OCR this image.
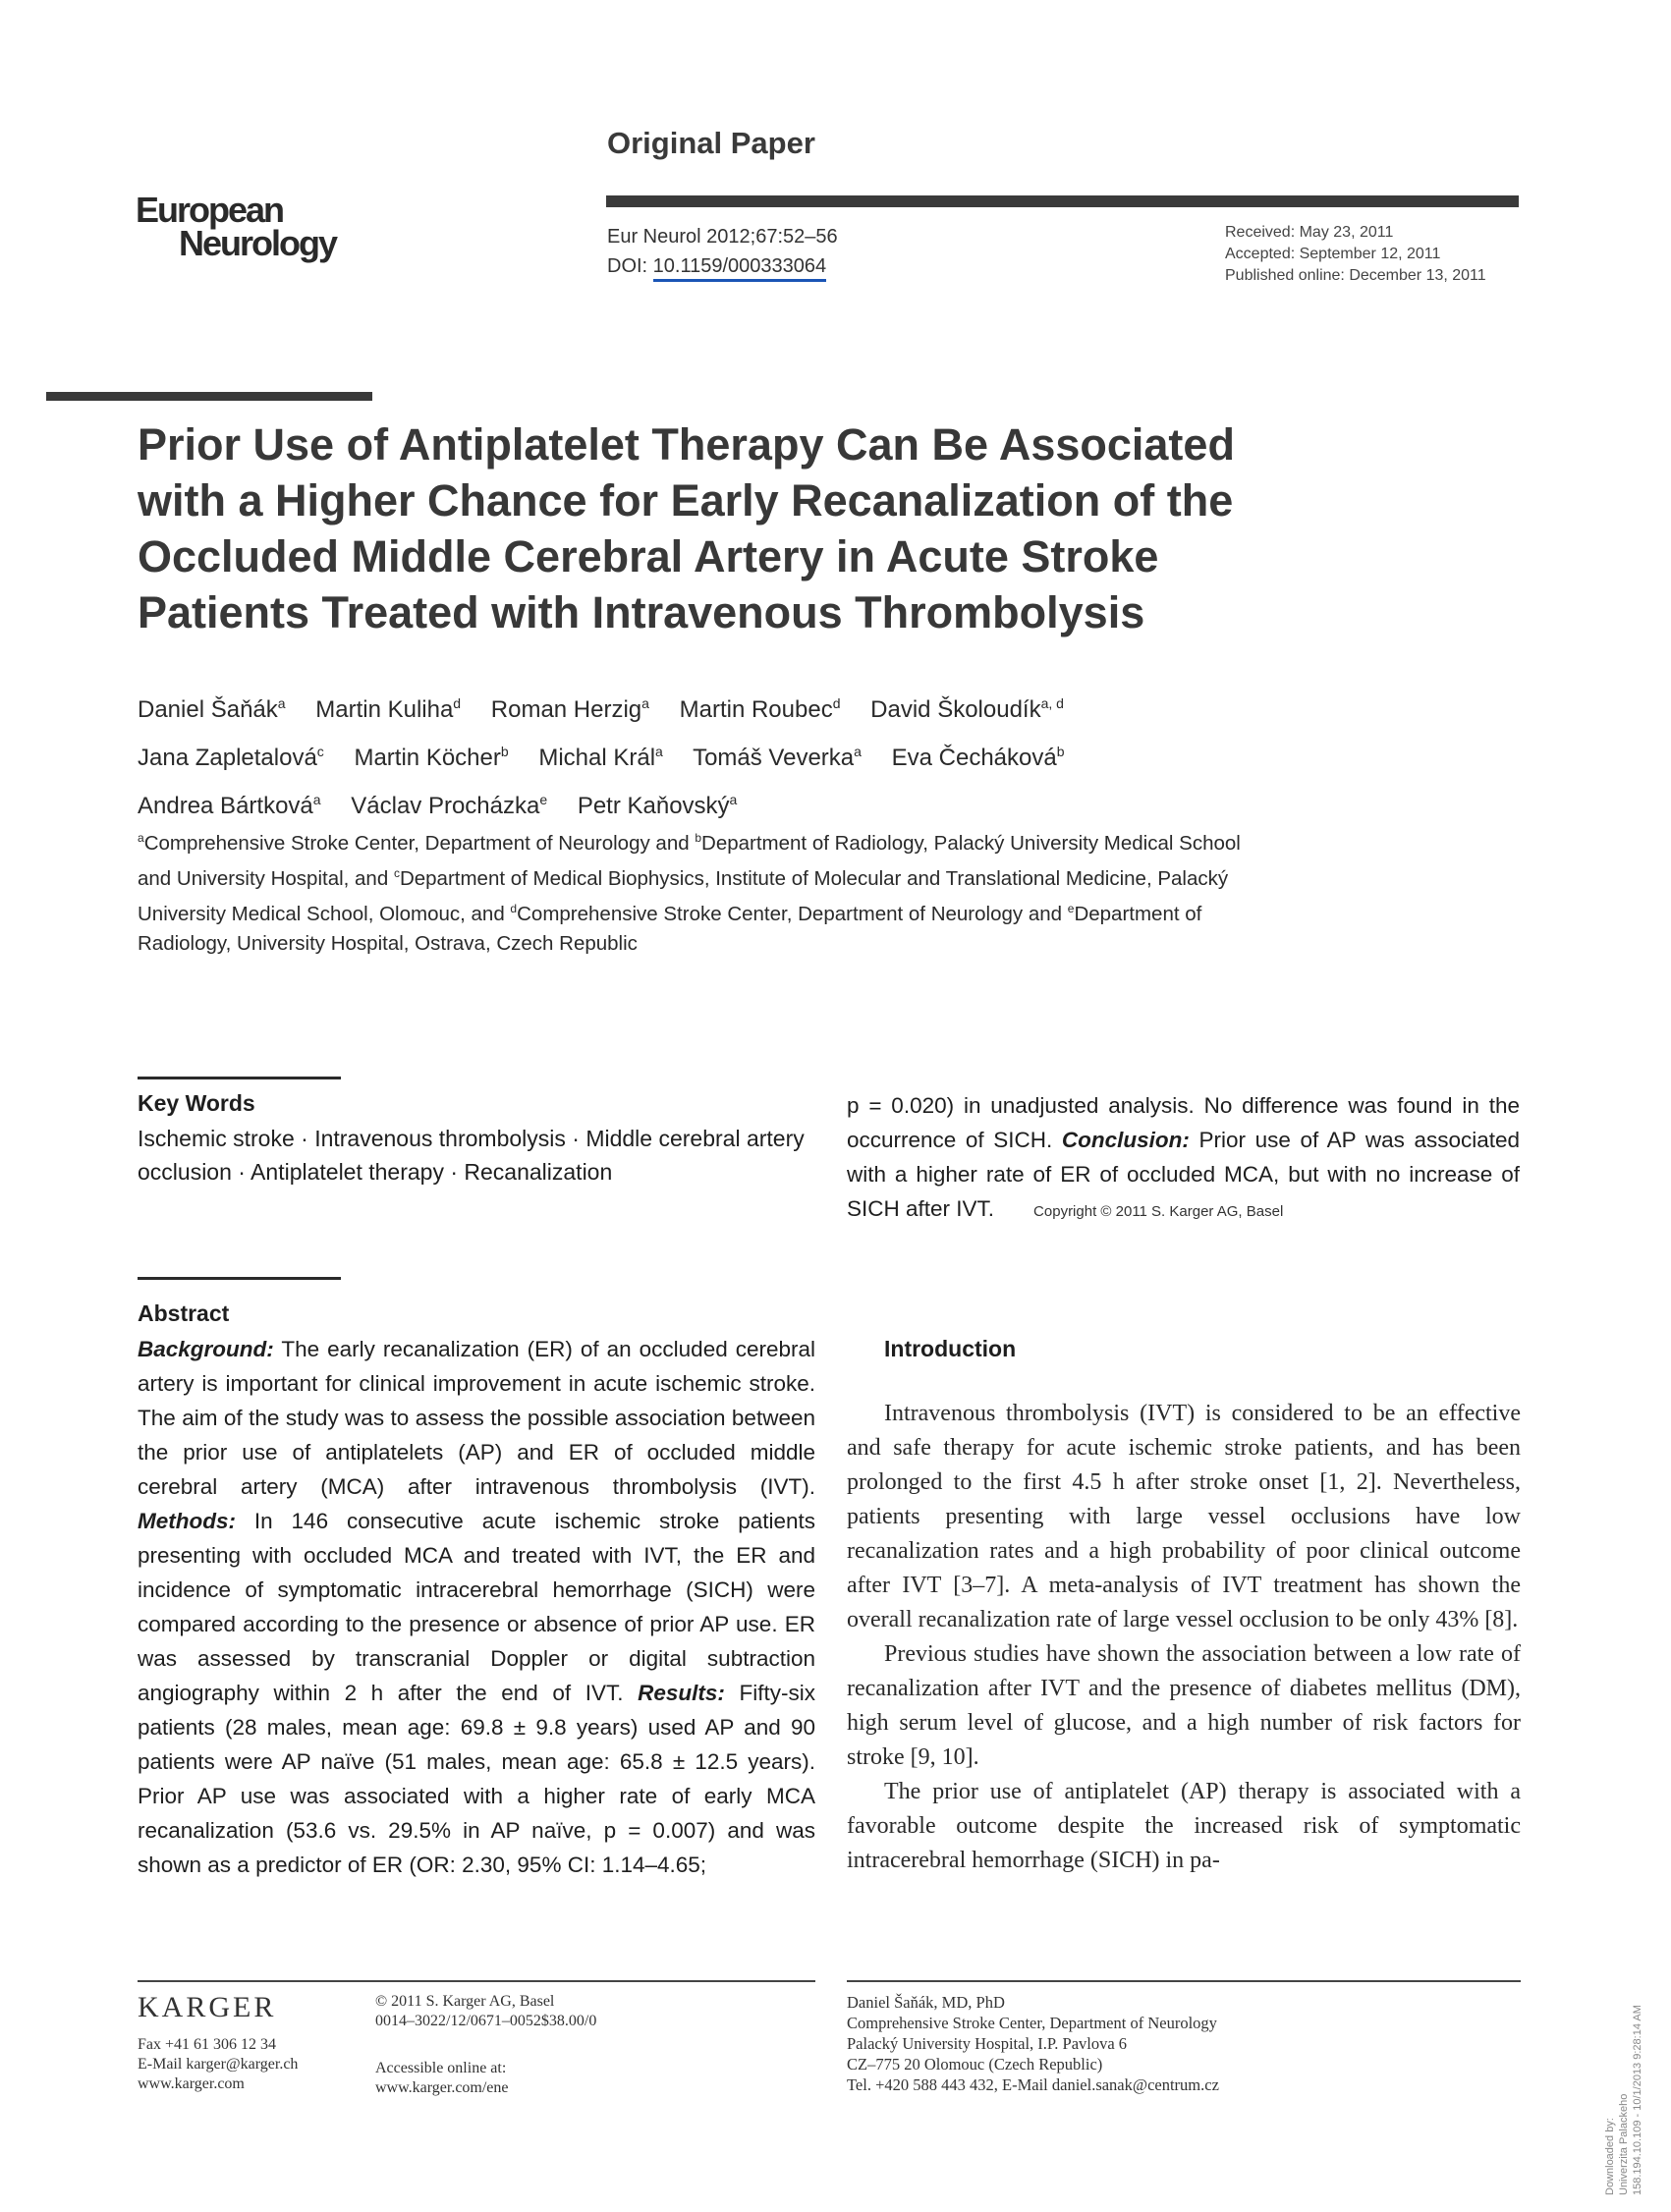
Original Paper
European
Neurology	Eur Neurol 2012;67:52–56
DOI: 10.1159/000333064
Received: May 23, 2011
Accepted: September 12, 2011
Published online: December 13, 2011
Prior Use of Antiplatelet Therapy Can Be Associated with a Higher Chance for Early Recanalization of the Occluded Middle Cerebral Artery in Acute Stroke Patients Treated with Intravenous Thrombolysis
Daniel Šaňák$^a$ Martin Kuliha$^d$ Roman Herzig$^a$ Martin Roubec$^d$ David Školoudík$^{a, d}$
Jana Zapletalová$^c$ Martin Köcher$^b$ Michal Král$^a$ Tomáš Veverka$^a$ Eva Čecháková$^b$
Andrea Bártková$^a$ Václav Procházka$^e$ Petr Kaňovský$^a$
$^a$Comprehensive Stroke Center, Department of Neurology and $^b$Department of Radiology, Palacký University Medical School and University Hospital, and $^c$Department of Medical Biophysics, Institute of Molecular and Translational Medicine, Palacký University Medical School, Olomouc, and $^d$Comprehensive Stroke Center, Department of Neurology and $^e$Department of Radiology, University Hospital, Ostrava, Czech Republic
Key Words
Ischemic stroke · Intravenous thrombolysis · Middle cerebral artery occlusion · Antiplatelet therapy · Recanalization
Abstract
Background: The early recanalization (ER) of an occluded cerebral artery is important for clinical improvement in acute ischemic stroke. The aim of the study was to assess the possible association between the prior use of antiplatelets (AP) and ER of occluded middle cerebral artery (MCA) after intravenous thrombolysis (IVT). Methods: In 146 consecutive acute ischemic stroke patients presenting with occluded MCA and treated with IVT, the ER and incidence of symptomatic intracerebral hemorrhage (SICH) were compared according to the presence or absence of prior AP use. ER was assessed by transcranial Doppler or digital subtraction angiography within 2 h after the end of IVT. Results: Fifty-six patients (28 males, mean age: 69.8 ± 9.8 years) used AP and 90 patients were AP naïve (51 males, mean age: 65.8 ± 12.5 years). Prior AP use was associated with a higher rate of early MCA recanalization (53.6 vs. 29.5% in AP naïve, p = 0.007) and was shown as a predictor of ER (OR: 2.30, 95% CI: 1.14–4.65;
p = 0.020) in unadjusted analysis. No difference was found in the occurrence of SICH. Conclusion: Prior use of AP was associated with a higher rate of ER of occluded MCA, but with no increase of SICH after IVT.	Copyright © 2011 S. Karger AG, Basel
Introduction

Intravenous thrombolysis (IVT) is considered to be an effective and safe therapy for acute ischemic stroke patients, and has been prolonged to the first 4.5 h after stroke onset [1, 2]. Nevertheless, patients presenting with large vessel occlusions have low recanalization rates and a high probability of poor clinical outcome after IVT [3–7]. A meta-analysis of IVT treatment has shown the overall recanalization rate of large vessel occlusion to be only 43% [8].

Previous studies have shown the association between a low rate of recanalization after IVT and the presence of diabetes mellitus (DM), high serum level of glucose, and a high number of risk factors for stroke [9, 10].

The prior use of antiplatelet (AP) therapy is associated with a favorable outcome despite the increased risk of symptomatic intracerebral hemorrhage (SICH) in pa-

KARGER
Fax +41 61 306 12 34
E-Mail karger@karger.ch
www.karger.com
© 2011 S. Karger AG, Basel
0014–3022/12/0671–0052$38.00/0
Accessible online at:
www.karger.com/ene
Daniel Šaňák, MD, PhD
Comprehensive Stroke Center, Department of Neurology
Palacký University Hospital, I.P. Pavlova 6
CZ–775 20 Olomouc (Czech Republic)
Tel. +420 588 443 432, E-Mail daniel.sanak@centrum.cz
Downloaded by: Univerzita Palackeho 158.194.10.109 - 10/1/2013 9:28:14 AM
